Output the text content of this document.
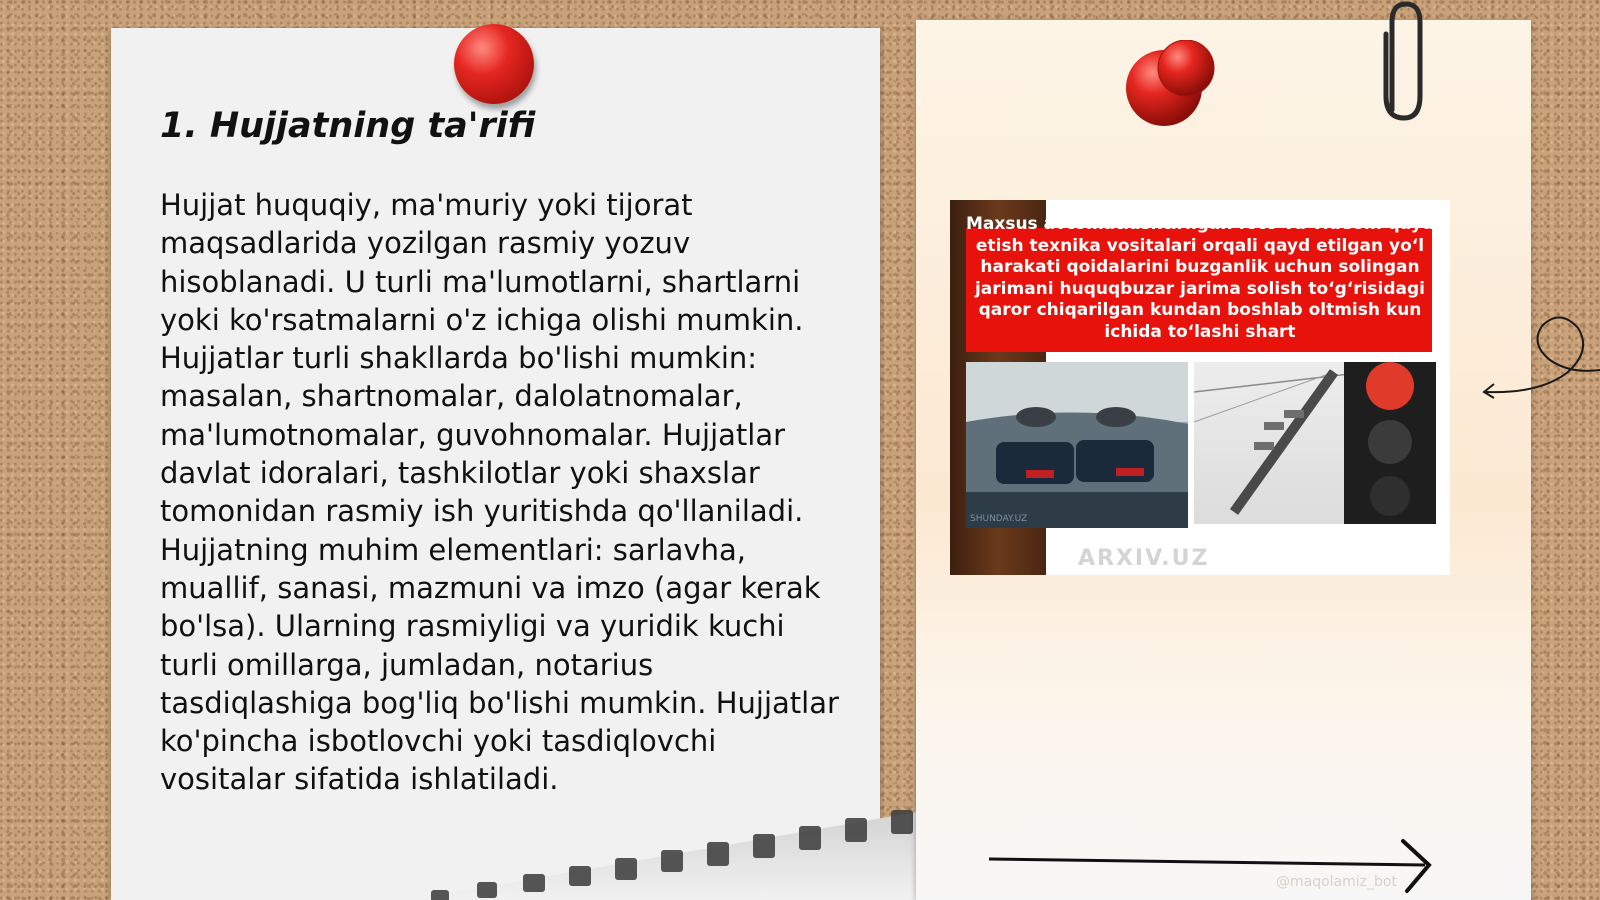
1. Hujjatning ta'rifi

Hujjat huquqiy, ma'muriy yoki tijorat maqsadlarida yozilgan rasmiy yozuv hisoblanadi. U turli ma'lumotlarni, shartlarni yoki ko'rsatmalarni o'z ichiga olishi mumkin. Hujjatlar turli shakllarda bo'lishi mumkin: masalan, shartnomalar, dalolatnomalar, ma'lumotnomalar, guvohnomalar. Hujjatlar davlat idoralari, tashkilotlar yoki shaxslar tomonidan rasmiy ish yuritishda qo'llaniladi. Hujjatning muhim elementlari: sarlavha, muallif, sanasi, mazmuni va imzo (agar kerak bo'lsa). Ularning rasmiyligi va yuridik kuchi turli omillarga, jumladan, notarius tasdiqlashiga bog'liq bo'lishi mumkin. Hujjatlar ko'pincha isbotlovchi yoki tasdiqlovchi vositalar sifatida ishlatiladi.

Maxsus avtomatlashtirilgan foto va videom qayd etish texnika vositalari orqali qayd etilgan yo‘l harakati qoidalarini buzganlik uchun solingan jarimani huquqbuzar jarima solish to‘g‘risidagi qaror chiqarilgan kundan boshlab oltmish kun ichida to‘lashi shart
SHUNDAY.UZ
ARXIV.UZ
@maqolamiz_bot
